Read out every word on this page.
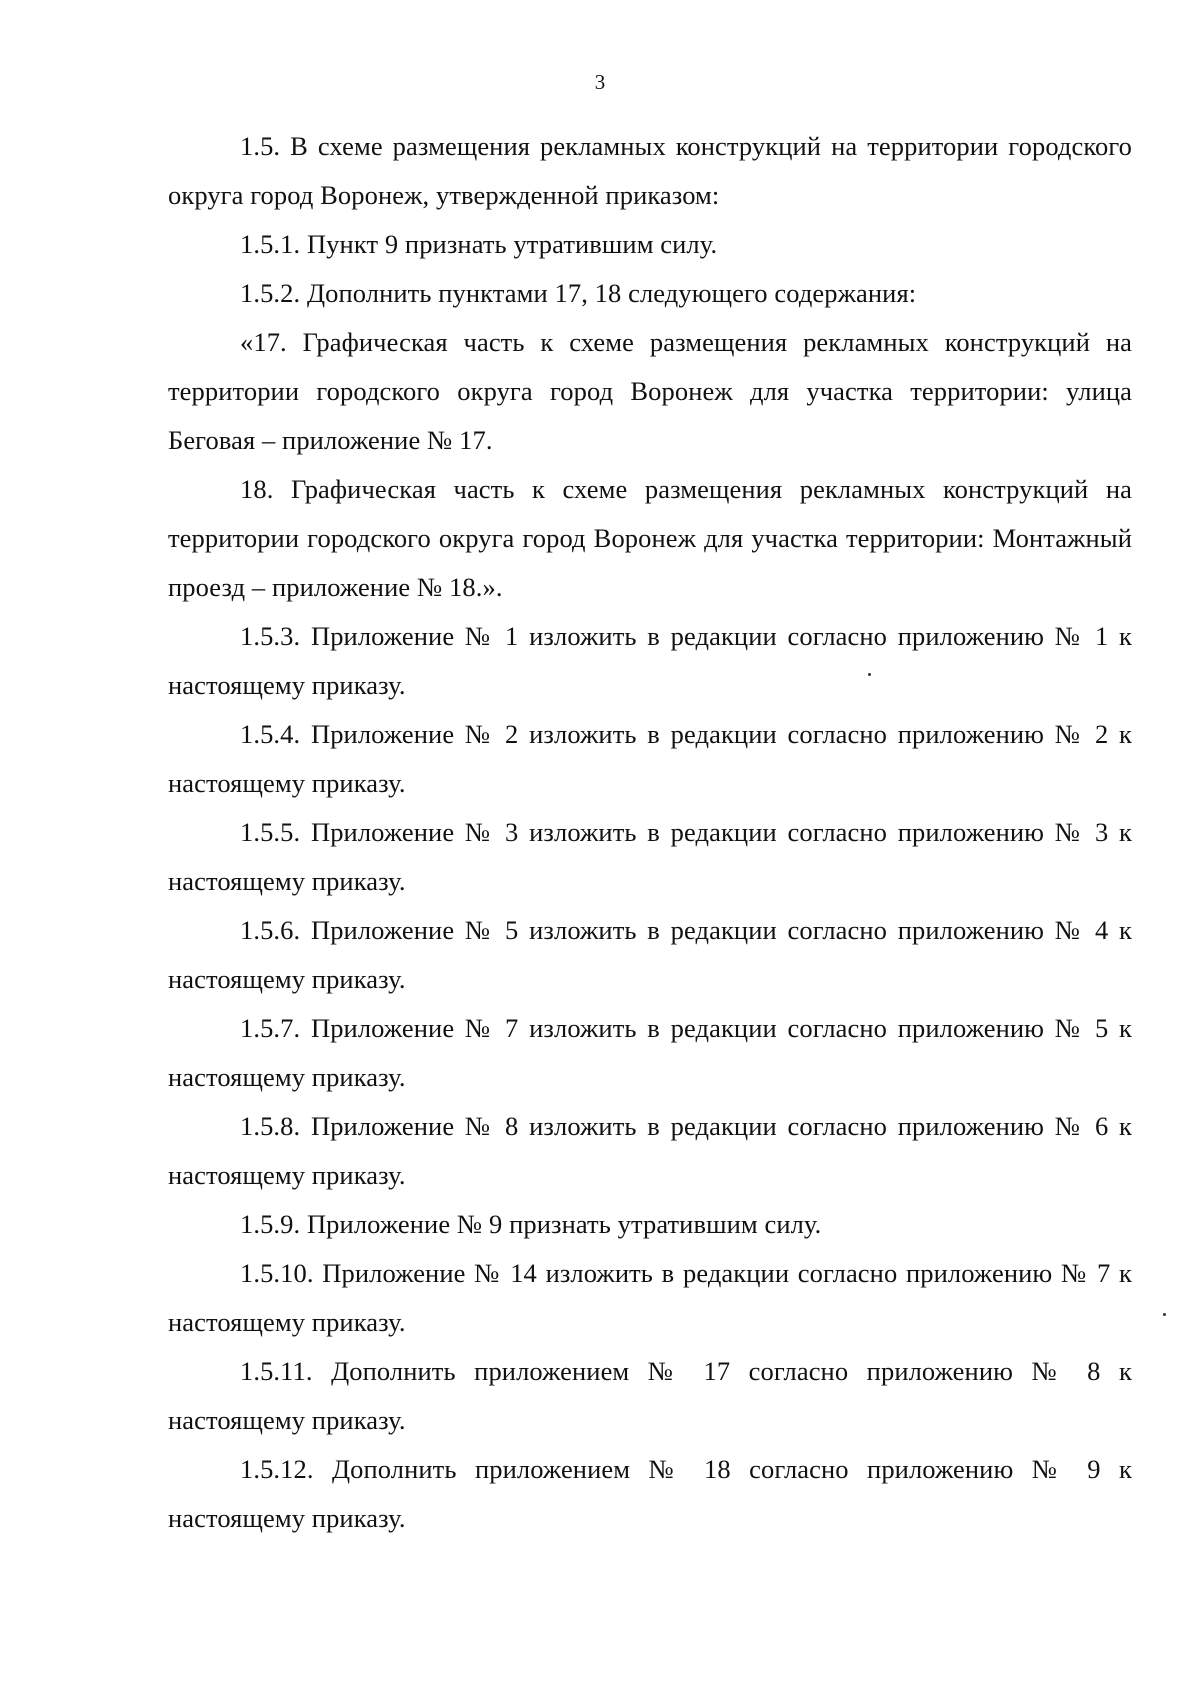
3

1.5. В схеме размещения рекламных конструкций на территории городского округа город Воронеж, утвержденной приказом:

1.5.1. Пункт 9 признать утратившим силу.

1.5.2. Дополнить пунктами 17, 18 следующего содержания:

«17. Графическая часть к схеме размещения рекламных конструкций на территории городского округа город Воронеж для участка территории: улица Беговая – приложение № 17.

18. Графическая часть к схеме размещения рекламных конструкций на территории городского округа город Воронеж для участка территории: Монтажный проезд – приложение № 18.».

1.5.3. Приложение № 1 изложить в редакции согласно приложению № 1 к настоящему приказу.

1.5.4. Приложение № 2 изложить в редакции согласно приложению № 2 к настоящему приказу.

1.5.5. Приложение № 3 изложить в редакции согласно приложению № 3 к настоящему приказу.

1.5.6. Приложение № 5 изложить в редакции согласно приложению № 4 к настоящему приказу.

1.5.7. Приложение № 7 изложить в редакции согласно приложению № 5 к настоящему приказу.

1.5.8. Приложение № 8 изложить в редакции согласно приложению № 6 к настоящему приказу.

1.5.9. Приложение № 9 признать утратившим силу.

1.5.10. Приложение № 14 изложить в редакции согласно приложению № 7 к настоящему приказу.

1.5.11. Дополнить приложением № 17 согласно приложению № 8 к настоящему приказу.

1.5.12. Дополнить приложением № 18 согласно приложению № 9 к настоящему приказу.
